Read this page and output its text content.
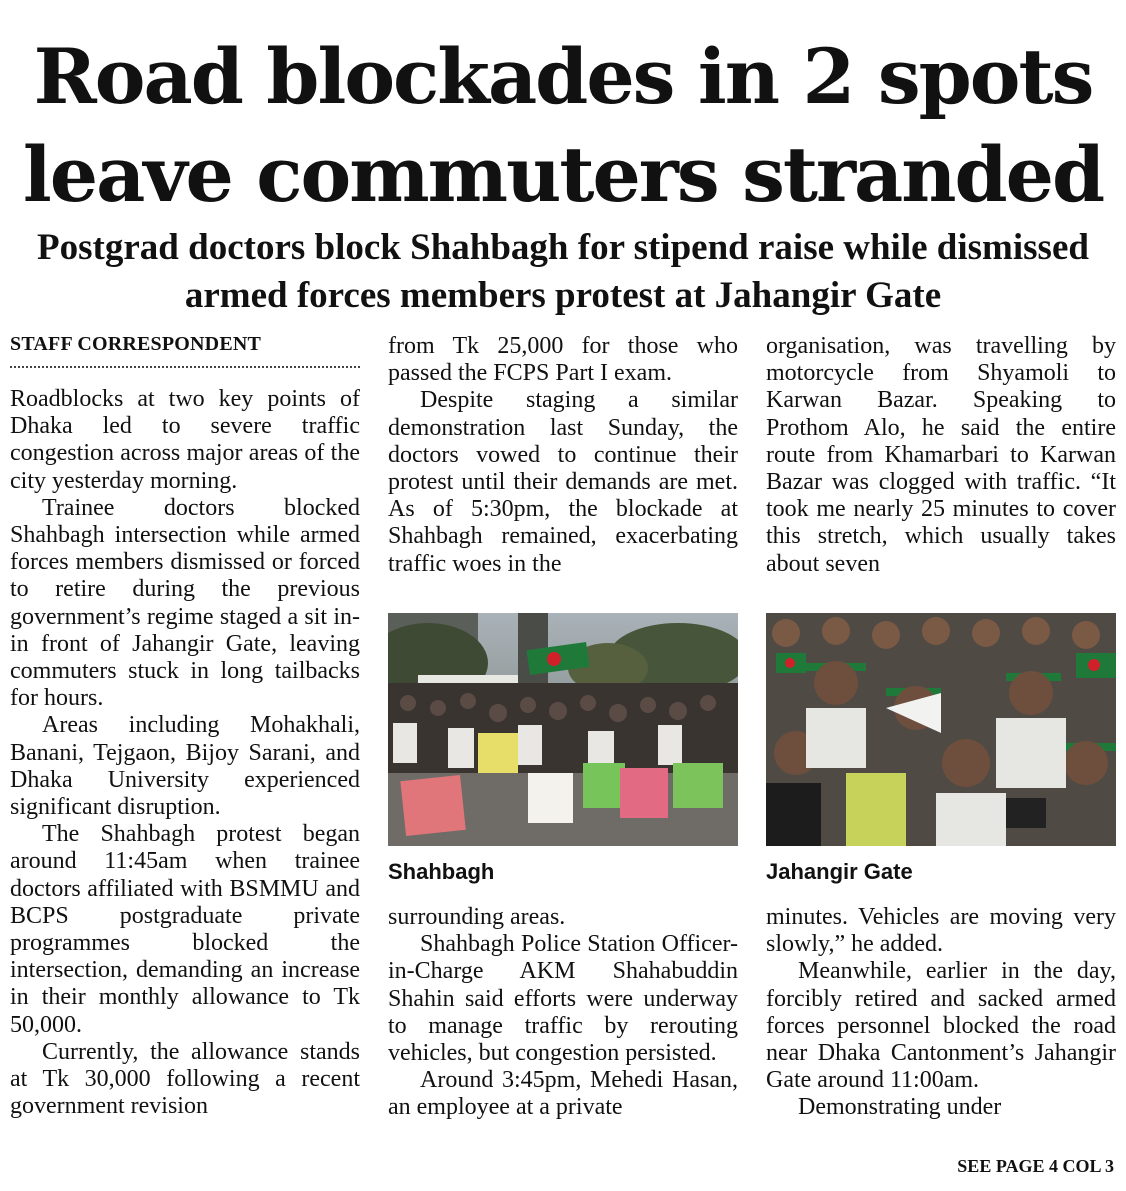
Road blockades in 2 spots leave commuters stranded
Postgrad doctors block Shahbagh for stipend raise while dismissed armed forces members protest at Jahangir Gate
STAFF CORRESPONDENT

Roadblocks at two key points of Dhaka led to severe traffic congestion across major areas of the city yesterday morning.

Trainee doctors blocked Shahbagh intersection while armed forces members dismissed or forced to retire during the previous government’s regime staged a sit in-in front of Jahangir Gate, leaving commuters stuck in long tailbacks for hours.

Areas including Mohakhali, Banani, Tejgaon, Bijoy Sarani, and Dhaka University experienced significant disruption.

The Shahbagh protest began around 11:45am when trainee doctors affiliated with BSMMU and BCPS postgraduate private programmes blocked the intersection, demanding an increase in their monthly allowance to Tk 50,000.

Currently, the allowance stands at Tk 30,000 following a recent government revision

from Tk 25,000 for those who passed the FCPS Part I exam.

Despite staging a similar demonstration last Sunday, the doctors vowed to continue their protest until their demands are met. As of 5:30pm, the blockade at Shahbagh remained, exacerbating traffic woes in the

organisation, was travelling by motorcycle from Shyamoli to Karwan Bazar. Speaking to Prothom Alo, he said the entire route from Khamarbari to Karwan Bazar was clogged with traffic. “It took me nearly 25 minutes to cover this stretch, which usually takes about seven

Shahbagh	Jahangir Gate

surrounding areas.

Shahbagh Police Station Officer-in-Charge AKM Shahabuddin Shahin said efforts were underway to manage traffic by rerouting vehicles, but congestion persisted.

Around 3:45pm, Mehedi Hasan, an employee at a private

minutes. Vehicles are moving very slowly,” he added.

Meanwhile, earlier in the day, forcibly retired and sacked armed forces personnel blocked the road near Dhaka Cantonment’s Jahangir Gate around 11:00am.

Demonstrating under

SEE PAGE 4 COL 3
